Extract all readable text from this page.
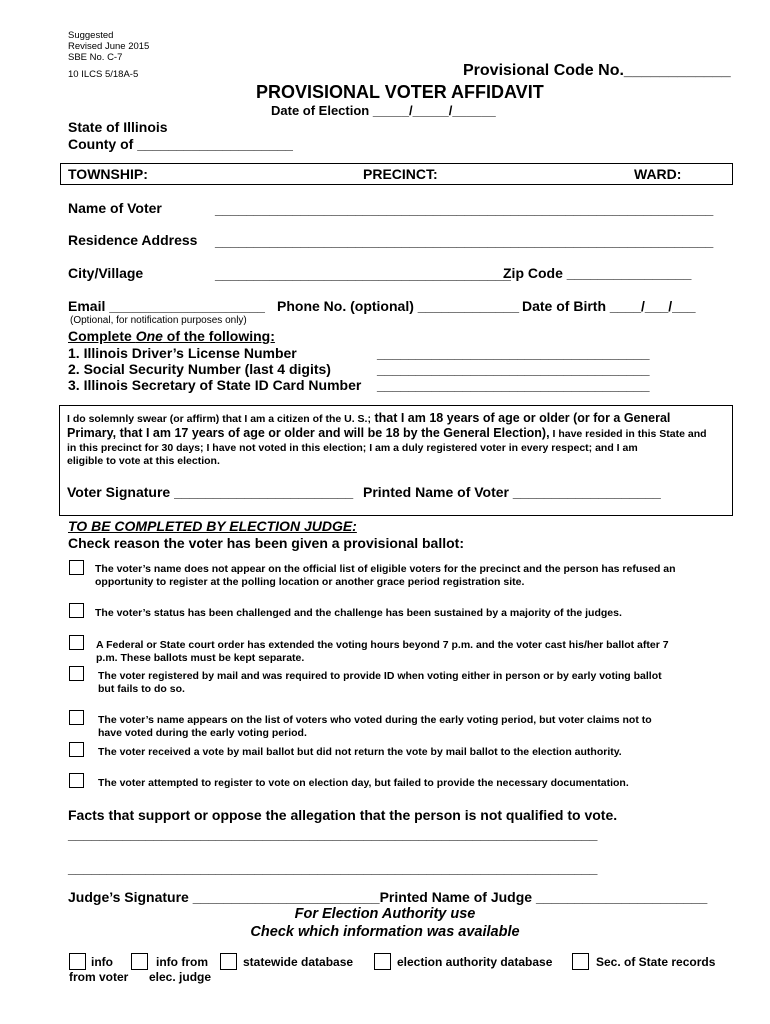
Suggested
Revised June 2015
SBE No. C-7
10 ILCS 5/18A-5	Provisional Code No.____________
PROVISIONAL VOTER AFFIDAVIT
Date of Election _____/_____/______
State of Illinois
County of ____________________
TOWNSHIP:	PRECINCT:	WARD:
Name of Voter	________________________________________________________________
Residence Address ________________________________________________________________
City/Village	______________________________________
Zip Code ________________
Email ____________________ Phone No. (optional) _____________ Date of Birth ____/___/___
(Optional, for notification purposes only)
Complete One of the following:
1. Illinois Driver’s License Number	___________________________________
2. Social Security Number (last 4 digits)	___________________________________
3. Illinois Secretary of State ID Card Number ___________________________________
I do solemnly swear (or affirm) that I am a citizen of the U. S.; that I am 18 years of age or older (or for a General
Primary, that I am 17 years of age or older and will be 18 by the General Election), I have resided in this State and
in this precinct for 30 days; I have not voted in this election; I am a duly registered voter in every respect; and I am
eligible to vote at this election.
Voter Signature _______________________ Printed Name of Voter ___________________
TO BE COMPLETED BY ELECTION JUDGE:
Check reason the voter has been given a provisional ballot:
The voter’s name does not appear on the official list of eligible voters for the precinct and the person has refused an
opportunity to register at the polling location or another grace period registration site.
The voter’s status has been challenged and the challenge has been sustained by a majority of the judges.
A Federal or State court order has extended the voting hours beyond 7 p.m. and the voter cast his/her ballot after 7
p.m. These ballots must be kept separate.
The voter registered by mail and was required to provide ID when voting either in person or by early voting ballot
but fails to do so.
The voter’s name appears on the list of voters who voted during the early voting period, but voter claims not to
have voted during the early voting period.
The voter received a vote by mail ballot but did not return the vote by mail ballot to the election authority.
The voter attempted to register to vote on election day, but failed to provide the necessary documentation.
Facts that support or oppose the allegation that the person is not qualified to vote.
____________________________________________________________________
____________________________________________________________________
Judge’s Signature ________________________Printed Name of Judge ______________________
For Election Authority use
Check which information was available
info
from voter
info from
elec. judge
statewide database	election authority database	Sec. of State records
